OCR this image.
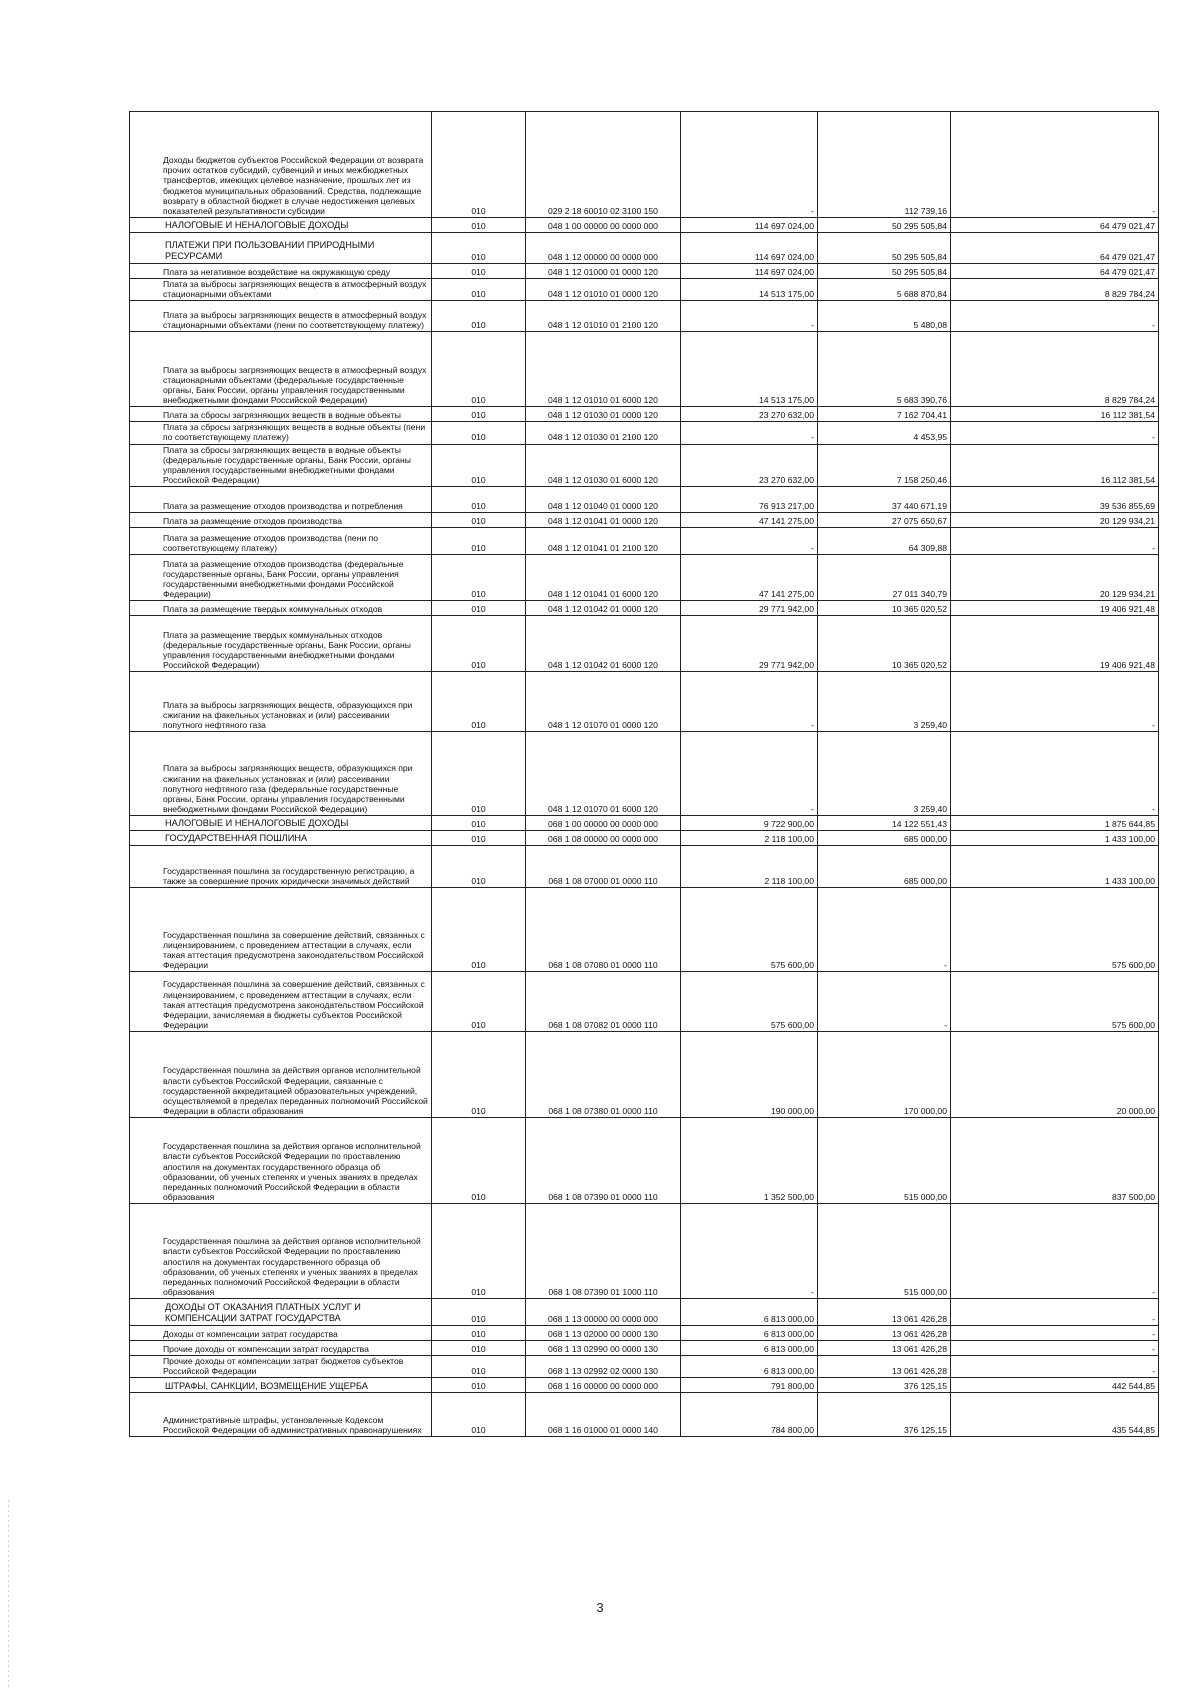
Доходы бюджетов субъектов Российской Федерации от возврата прочих остатков субсидий, субвенций и иных межбюджетных трансфертов, имеющих целевое назначение, прошлых лет из бюджетов муниципальных образований. Средства, подлежащие возврату в областной бюджет в случае недостижения целевых показателей результативности субсидии	010	029 2 18 60010 02 3100 150	-	112 739,16	-
НАЛОГОВЫЕ И НЕНАЛОГОВЫЕ ДОХОДЫ	010	048 1 00 00000 00 0000 000	114 697 024,00	50 295 505,84	64 479 021,47
ПЛАТЕЖИ ПРИ ПОЛЬЗОВАНИИ ПРИРОДНЫМИ РЕСУРСАМИ	010	048 1 12 00000 00 0000 000	114 697 024,00	50 295 505,84	64 479 021,47
Плата за негативное воздействие на окружающую среду	010	048 1 12 01000 01 0000 120	114 697 024,00	50 295 505,84	64 479 021,47
Плата за выбросы загрязняющих веществ в атмосферный воздух стационарными объектами	010	048 1 12 01010 01 0000 120	14 513 175,00	5 688 870,84	8 829 784,24
Плата за выбросы загрязняющих веществ в атмосферный воздух стационарными объектами (пени по соответствующему платежу)	010	048 1 12 01010 01 2100 120	-	5 480,08	-
Плата за выбросы загрязняющих веществ в атмосферный воздух стационарными объектами (федеральные государственные органы, Банк России, органы управления государственными внебюджетными фондами Российской Федерации)	010	048 1 12 01010 01 6000 120	14 513 175,00	5 683 390,76	8 829 784,24
Плата за сбросы загрязняющих веществ в водные объекты	010	048 1 12 01030 01 0000 120	23 270 632,00	7 162 704,41	16 112 381,54
Плата за сбросы загрязняющих веществ в водные объекты (пени по соответствующему платежу)	010	048 1 12 01030 01 2100 120	-	4 453,95	-
Плата за сбросы загрязняющих веществ в водные объекты (федеральные государственные органы, Банк России, органы управления государственными внебюджетными фондами Российской Федерации)	010	048 1 12 01030 01 6000 120	23 270 632,00	7 158 250,46	16 112 381,54
Плата за размещение отходов производства и потребления	010	048 1 12 01040 01 0000 120	76 913 217,00	37 440 671,19	39 536 855,69
Плата за размещение отходов производства	010	048 1 12 01041 01 0000 120	47 141 275,00	27 075 650,67	20 129 934,21
Плата за размещение отходов производства (пени по соответствующему платежу)	010	048 1 12 01041 01 2100 120	-	64 309,88	-
Плата за размещение отходов производства (федеральные государственные органы, Банк России, органы управления государственными внебюджетными фондами Российской Федерации)	010	048 1 12 01041 01 6000 120	47 141 275,00	27 011 340,79	20 129 934,21
Плата за размещение твердых коммунальных отходов	010	048 1 12 01042 01 0000 120	29 771 942,00	10 365 020,52	19 406 921,48
Плата за размещение твердых коммунальных отходов (федеральные государственные органы, Банк России, органы управления государственными внебюджетными фондами Российской Федерации)	010	048 1 12 01042 01 6000 120	29 771 942,00	10 365 020,52	19 406 921,48
Плата за выбросы загрязняющих веществ, образующихся при сжигании на факельных установках и (или) рассеивании попутного нефтяного газа	010	048 1 12 01070 01 0000 120	-	3 259,40	-
Плата за выбросы загрязняющих веществ, образующихся при сжигании на факельных установках и (или) рассеивании попутного нефтяного газа (федеральные государственные органы, Банк России, органы управления государственными внебюджетными фондами Российской Федерации)	010	048 1 12 01070 01 6000 120	-	3 259,40	-
НАЛОГОВЫЕ И НЕНАЛОГОВЫЕ ДОХОДЫ	010	068 1 00 00000 00 0000 000	9 722 900,00	14 122 551,43	1 875 644,85
ГОСУДАРСТВЕННАЯ ПОШЛИНА	010	068 1 08 00000 00 0000 000	2 118 100,00	685 000,00	1 433 100,00
Государственная пошлина за государственную регистрацию, а также за совершение прочих юридически значимых действий	010	068 1 08 07000 01 0000 110	2 118 100,00	685 000,00	1 433 100,00
Государственная пошлина за совершение действий, связанных с лицензированием, с проведением аттестации в случаях, если такая аттестация предусмотрена законодательством Российской Федерации	010	068 1 08 07080 01 0000 110	575 600,00	-	575 600,00
Государственная пошлина за совершение действий, связанных с лицензированием, с проведением аттестации в случаях, если такая аттестация предусмотрена законодательством Российской Федерации, зачисляемая в бюджеты субъектов Российской Федерации	010	068 1 08 07082 01 0000 110	575 600,00	-	575 600,00
Государственная пошлина за действия органов исполнительной власти субъектов Российской Федерации, связанные с государственной аккредитацией образовательных учреждений, осуществляемой в пределах переданных полномочий Российской Федерации в области образования	010	068 1 08 07380 01 0000 110	190 000,00	170 000,00	20 000,00
Государственная пошлина за действия органов исполнительной власти субъектов Российской Федерации по проставлению апостиля на документах государственного образца об образовании, об ученых степенях и ученых званиях в пределах переданных полномочий Российской Федерации в области образования	010	068 1 08 07390 01 0000 110	1 352 500,00	515 000,00	837 500,00
Государственная пошлина за действия органов исполнительной власти субъектов Российской Федерации по проставлению апостиля на документах государственного образца об образовании, об ученых степенях и ученых званиях в пределах переданных полномочий Российской Федерации в области образования	010	068 1 08 07390 01 1000 110	-	515 000,00	-
ДОХОДЫ ОТ ОКАЗАНИЯ ПЛАТНЫХ УСЛУГ И КОМПЕНСАЦИИ ЗАТРАТ ГОСУДАРСТВА	010	068 1 13 00000 00 0000 000	6 813 000,00	13 061 426,28	-
Доходы от компенсации затрат государства	010	068 1 13 02000 00 0000 130	6 813 000,00	13 061 426,28	-
Прочие доходы от компенсации затрат государства	010	068 1 13 02990 00 0000 130	6 813 000,00	13 061 426,28	-
Прочие доходы от компенсации затрат бюджетов субъектов Российской Федерации	010	068 1 13 02992 02 0000 130	6 813 000,00	13 061 426,28	-
ШТРАФЫ, САНКЦИИ, ВОЗМЕЩЕНИЕ УЩЕРБА	010	068 1 16 00000 00 0000 000	791 800,00	376 125,15	442 544,85
Административные штрафы, установленные Кодексом Российской Федерации об административных правонарушениях	010	068 1 16 01000 01 0000 140	784 800,00	376 125,15	435 544,85
3
